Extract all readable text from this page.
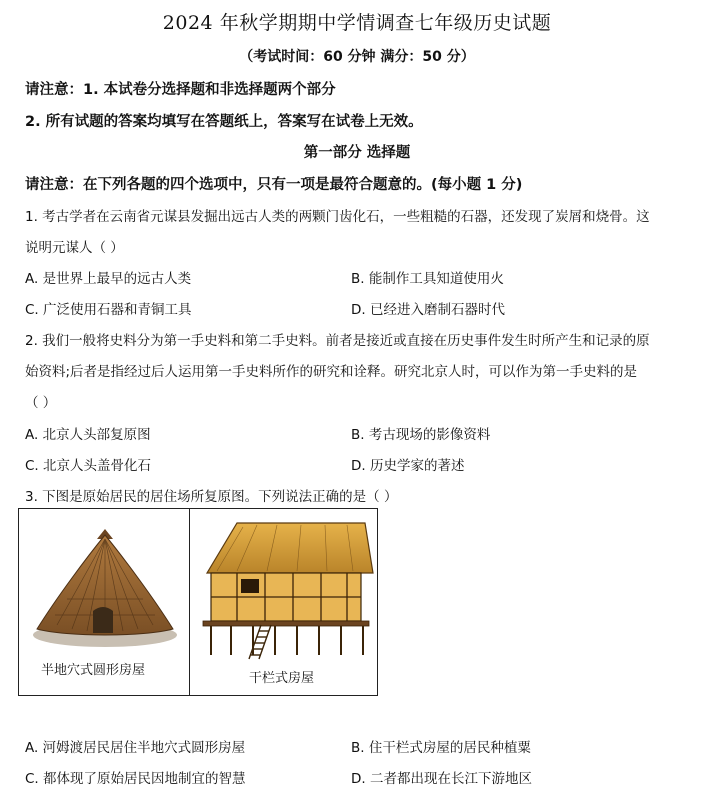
2024 年秋学期期中学情调查七年级历史试题
（考试时间：60 分钟 满分：50 分）
请注意：1. 本试卷分选择题和非选择题两个部分
2. 所有试题的答案均填写在答题纸上，答案写在试卷上无效。
第一部分 选择题
请注意：在下列各题的四个选项中，只有一项是最符合题意的。(每小题 1 分)
1. 考古学者在云南省元谋县发掘出远古人类的两颗门齿化石，一些粗糙的石器，还发现了炭屑和烧骨。这
说明元谋人（ ）
A. 是世界上最早的远古人类	B. 能制作工具知道使用火
C. 广泛使用石器和青铜工具	D. 已经进入磨制石器时代
2. 我们一般将史料分为第一手史料和第二手史料。前者是接近或直接在历史事件发生时所产生和记录的原
始资料;后者是指经过后人运用第一手史料所作的研究和诠释。研究北京人时，可以作为第一手史料的是
（ ）
A. 北京人头部复原图	B. 考古现场的影像资料
C. 北京人头盖骨化石	D. 历史学家的著述
3. 下图是原始居民的居住场所复原图。下列说法正确的是（ ）
半地穴式圆形房屋
干栏式房屋
A. 河姆渡居民居住半地穴式圆形房屋	B. 住干栏式房屋的居民种植粟
C. 都体现了原始居民因地制宜的智慧	D. 二者都出现在长江下游地区
